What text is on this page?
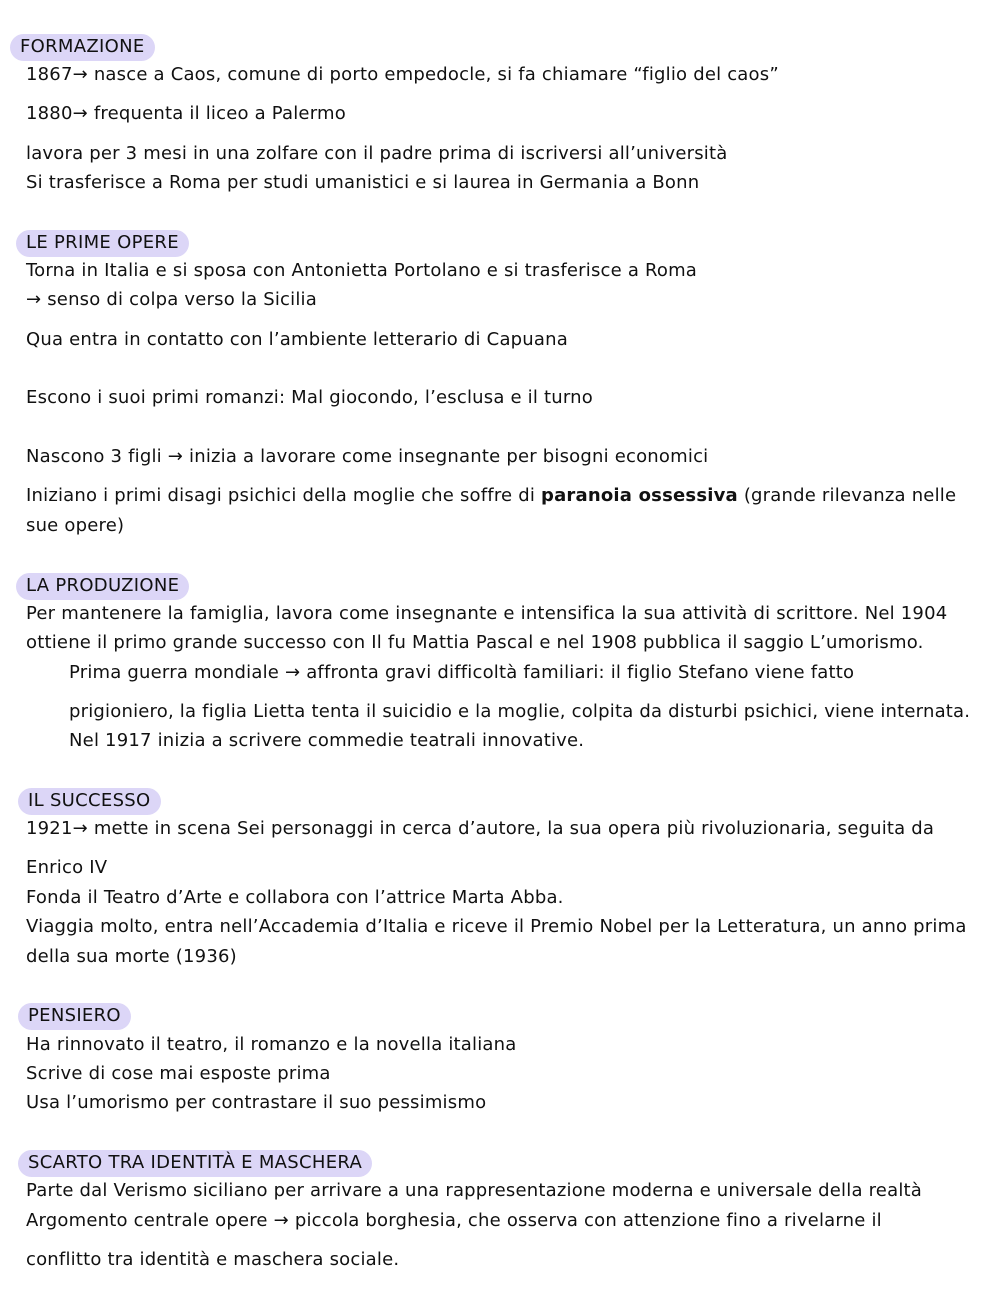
FORMAZIONE
1867→ nasce a Caos, comune di porto empedocle, si fa chiamare “figlio del caos”
1880→ frequenta il liceo a Palermo
lavora per 3 mesi in una zolfare con il padre prima di iscriversi all’università
Si trasferisce a Roma per studi umanistici e si laurea in Germania a Bonn
LE PRIME OPERE
Torna in Italia e si sposa con Antonietta Portolano e si trasferisce a Roma
→ senso di colpa verso la Sicilia
Qua entra in contatto con l’ambiente letterario di Capuana
Escono i suoi primi romanzi: Mal giocondo, l’esclusa e il turno
Nascono 3 figli → inizia a lavorare come insegnante per bisogni economici
Iniziano i primi disagi psichici della moglie che soffre di paranoia ossessiva (grande rilevanza nelle
sue opere)
LA PRODUZIONE
Per mantenere la famiglia, lavora come insegnante e intensifica la sua attività di scrittore. Nel 1904
ottiene il primo grande successo con Il fu Mattia Pascal e nel 1908 pubblica il saggio L’umorismo.
Prima guerra mondiale → affronta gravi difficoltà familiari: il figlio Stefano viene fatto
prigioniero, la figlia Lietta tenta il suicidio e la moglie, colpita da disturbi psichici, viene internata.
Nel 1917 inizia a scrivere commedie teatrali innovative.
IL SUCCESSO
1921→ mette in scena Sei personaggi in cerca d’autore, la sua opera più rivoluzionaria, seguita da
Enrico IV
Fonda il Teatro d’Arte e collabora con l’attrice Marta Abba.
Viaggia molto, entra nell’Accademia d’Italia e riceve il Premio Nobel per la Letteratura, un anno prima
della sua morte (1936)
PENSIERO
Ha rinnovato il teatro, il romanzo e la novella italiana
Scrive di cose mai esposte prima
Usa l’umorismo per contrastare il suo pessimismo
SCARTO TRA IDENTITÀ E MASCHERA
Parte dal Verismo siciliano per arrivare a una rappresentazione moderna e universale della realtà
Argomento centrale opere → piccola borghesia, che osserva con attenzione fino a rivelarne il
conflitto tra identità e maschera sociale.
